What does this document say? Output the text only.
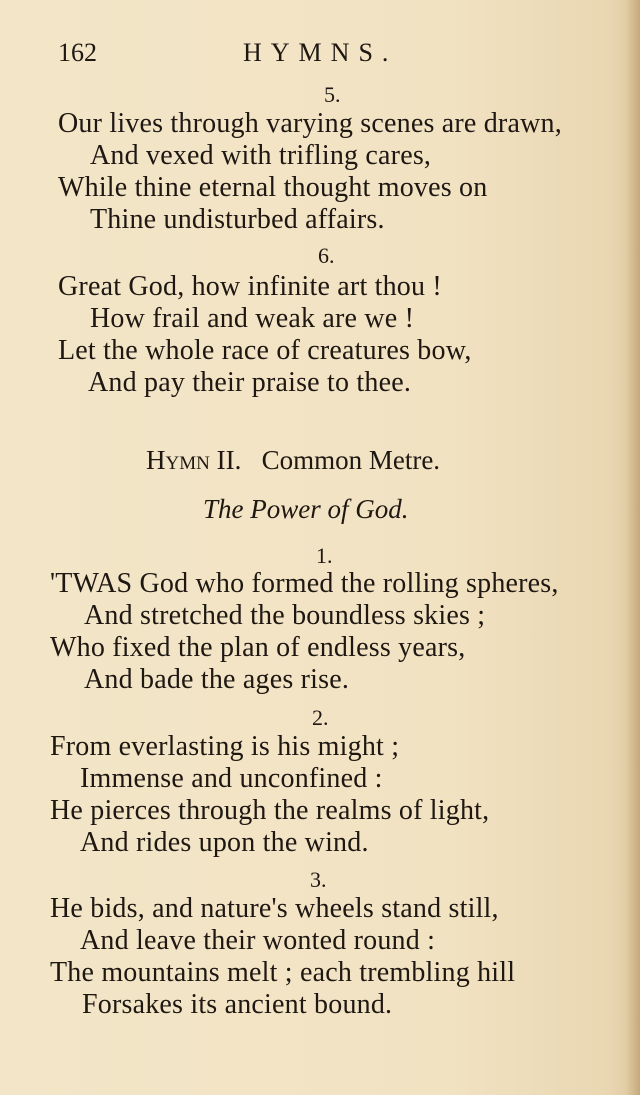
162	HYMNS.
5.
Our lives through varying scenes are drawn,
And vexed with trifling cares,
While thine eternal thought moves on
Thine undisturbed affairs.
6.
Great God, how infinite art thou !
How frail and weak are we !
Let the whole race of creatures bow,
And pay their praise to thee.
Hymn II.   Common Metre.
The Power of God.
1.
'TWAS God who formed the rolling spheres,
And stretched the boundless skies ;
Who fixed the plan of endless years,
And bade the ages rise.
2.
From everlasting is his might ;
Immense and unconfined :
He pierces through the realms of light,
And rides upon the wind.
3.
He bids, and nature's wheels stand still,
And leave their wonted round :
The mountains melt ; each trembling hill
Forsakes its ancient bound.
